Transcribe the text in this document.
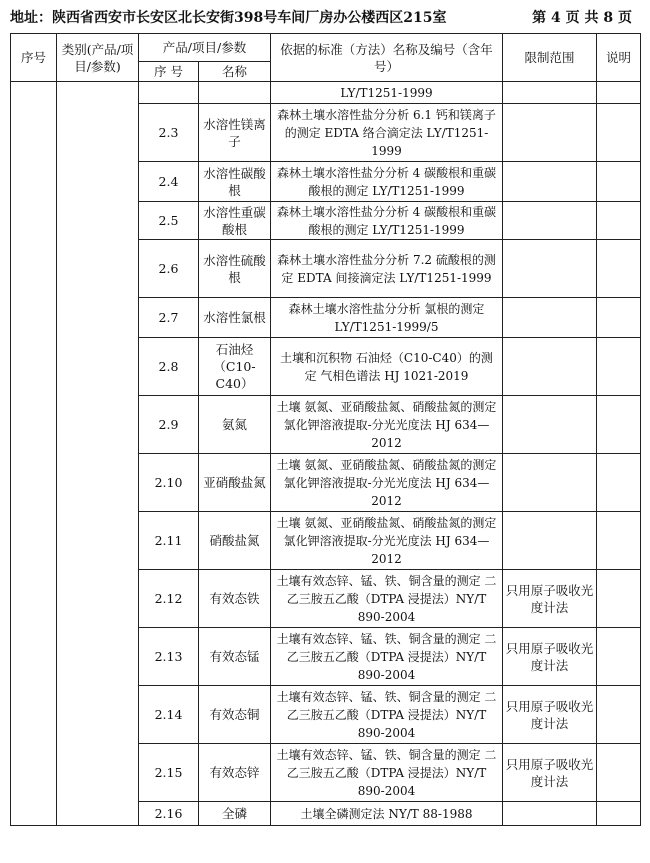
地址：陕西省西安市长安区北长安街398号车间厂房办公楼西区215室	第 4 页 共 8 页
序号	类别(产品/项目/参数)	产品/项目/参数		依据的标准（方法）名称及编号（含年号）	限制范围	说明
		序 号	名称			
				LY/T1251-1999		
		2.3	水溶性镁离子	森林土壤水溶性盐分分析 6.1 钙和镁离子的测定 EDTA 络合滴定法 LY/T1251-1999		
		2.4	水溶性碳酸根	森林土壤水溶性盐分分析 4 碳酸根和重碳酸根的测定 LY/T1251-1999		
		2.5	水溶性重碳酸根	森林土壤水溶性盐分分析 4 碳酸根和重碳酸根的测定 LY/T1251-1999		
		2.6	水溶性硫酸根	森林土壤水溶性盐分分析 7.2 硫酸根的测定 EDTA 间接滴定法 LY/T1251-1999		
		2.7	水溶性氯根	森林土壤水溶性盐分分析 氯根的测定 LY/T1251-1999/5		
		2.8	石油烃（C10-C40）	土壤和沉积物 石油烃（C10-C40）的测定 气相色谱法 HJ 1021-2019		
		2.9	氨氮	土壤 氨氮、亚硝酸盐氮、硝酸盐氮的测定 氯化钾溶液提取-分光光度法 HJ 634—2012		
		2.10	亚硝酸盐氮	土壤 氨氮、亚硝酸盐氮、硝酸盐氮的测定 氯化钾溶液提取-分光光度法 HJ 634—2012		
		2.11	硝酸盐氮	土壤 氨氮、亚硝酸盐氮、硝酸盐氮的测定 氯化钾溶液提取-分光光度法 HJ 634—2012		
		2.12	有效态铁	土壤有效态锌、锰、铁、铜含量的测定 二乙三胺五乙酸（DTPA 浸提法）NY/T 890-2004	只用原子吸收光度计法	
		2.13	有效态锰	土壤有效态锌、锰、铁、铜含量的测定 二乙三胺五乙酸（DTPA 浸提法）NY/T 890-2004	只用原子吸收光度计法	
		2.14	有效态铜	土壤有效态锌、锰、铁、铜含量的测定 二乙三胺五乙酸（DTPA 浸提法）NY/T 890-2004	只用原子吸收光度计法	
		2.15	有效态锌	土壤有效态锌、锰、铁、铜含量的测定 二乙三胺五乙酸（DTPA 浸提法）NY/T 890-2004	只用原子吸收光度计法	
		2.16	全磷	土壤全磷测定法 NY/T 88-1988		
